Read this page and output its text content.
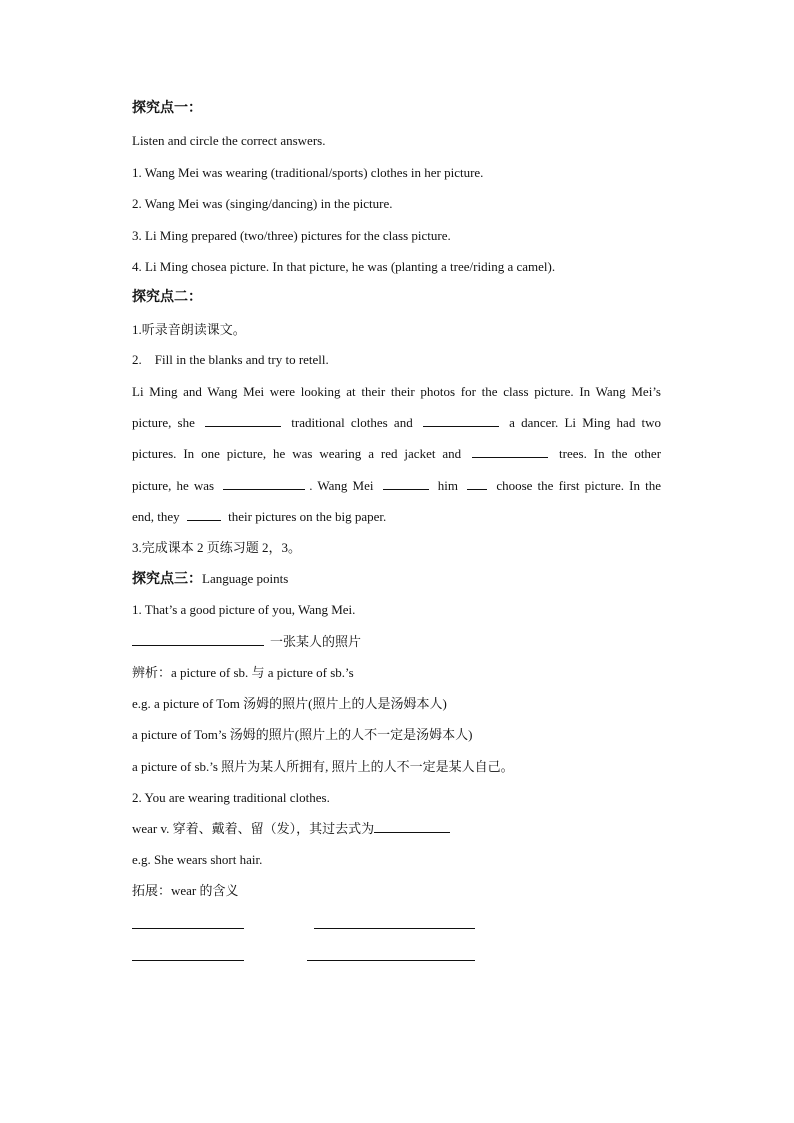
探究点一：
Listen and circle the correct answers.
1. Wang Mei was wearing (traditional/sports) clothes in her picture.
2. Wang Mei was (singing/dancing) in the picture.
3. Li Ming prepared (two/three) pictures for the class picture.
4. Li Ming chosea picture. In that picture, he was (planting a tree/riding a camel).
探究点二：
1.听录音朗读课文。
2.    Fill in the blanks and try to retell.
Li Ming and Wang Mei were looking at their their photos for the class picture. In Wang Mei’s
picture, she	traditional clothes and	a dancer. Li Ming had two
pictures. In one picture, he was wearing a red jacket and	trees. In the other
picture, he was	. Wang Mei	him	choose the first picture. In the
end, they	their pictures on the big paper.
3.完成课本 2 页练习题 2，3。
探究点三：Language points
1. That’s a good picture of you, Wang Mei.
一张某人的照片
辨析：a picture of sb. 与 a picture of sb.’s
e.g. a picture of Tom 汤姆的照片(照片上的人是汤姆本人)
a picture of Tom’s 汤姆的照片(照片上的人不一定是汤姆本人)
a picture of sb.’s 照片为某人所拥有, 照片上的人不一定是某人自己。
2. You are wearing traditional clothes.
wear v. 穿着、戴着、留（发），其过去式为
e.g. She wears short hair.
拓展：wear 的含义
